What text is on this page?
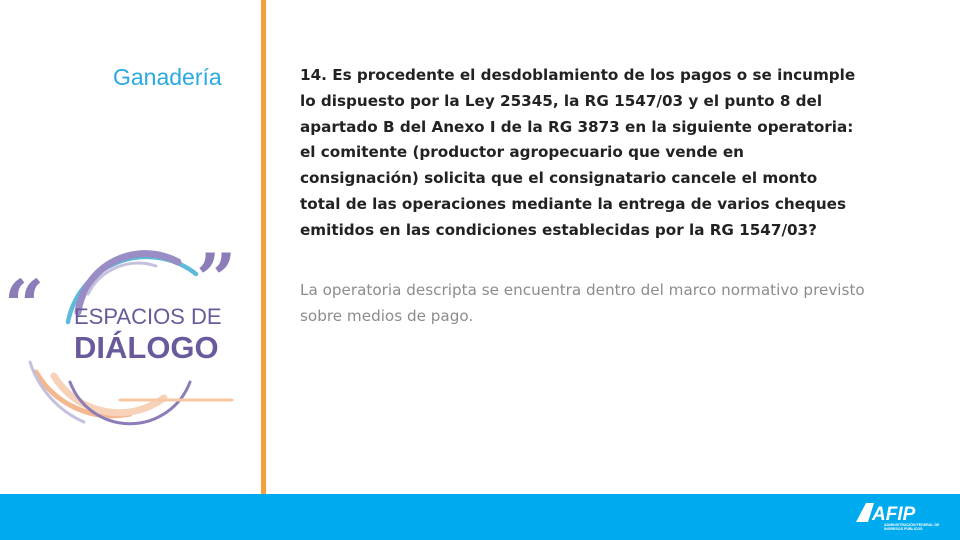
Ganadería	14. Es procedente el desdoblamiento de los pagos o se incumple lo dispuesto por la Ley 25345, la RG 1547/03 y el punto 8 del apartado B del Anexo I de la RG 3873 en la siguiente operatoria: el comitente (productor agropecuario que vende en consignación) solicita que el consignatario cancele el monto total de las operaciones mediante la entrega de varios cheques emitidos en las condiciones establecidas por la RG 1547/03?
La operatoria descripta se encuentra dentro del marco normativo previsto sobre medios de pago.
“ ”
ESPACIOS DE
DIÁLOGO
AFIP
ADMINISTRACIÓN FEDERAL DE
INGRESOS PÚBLICOS
